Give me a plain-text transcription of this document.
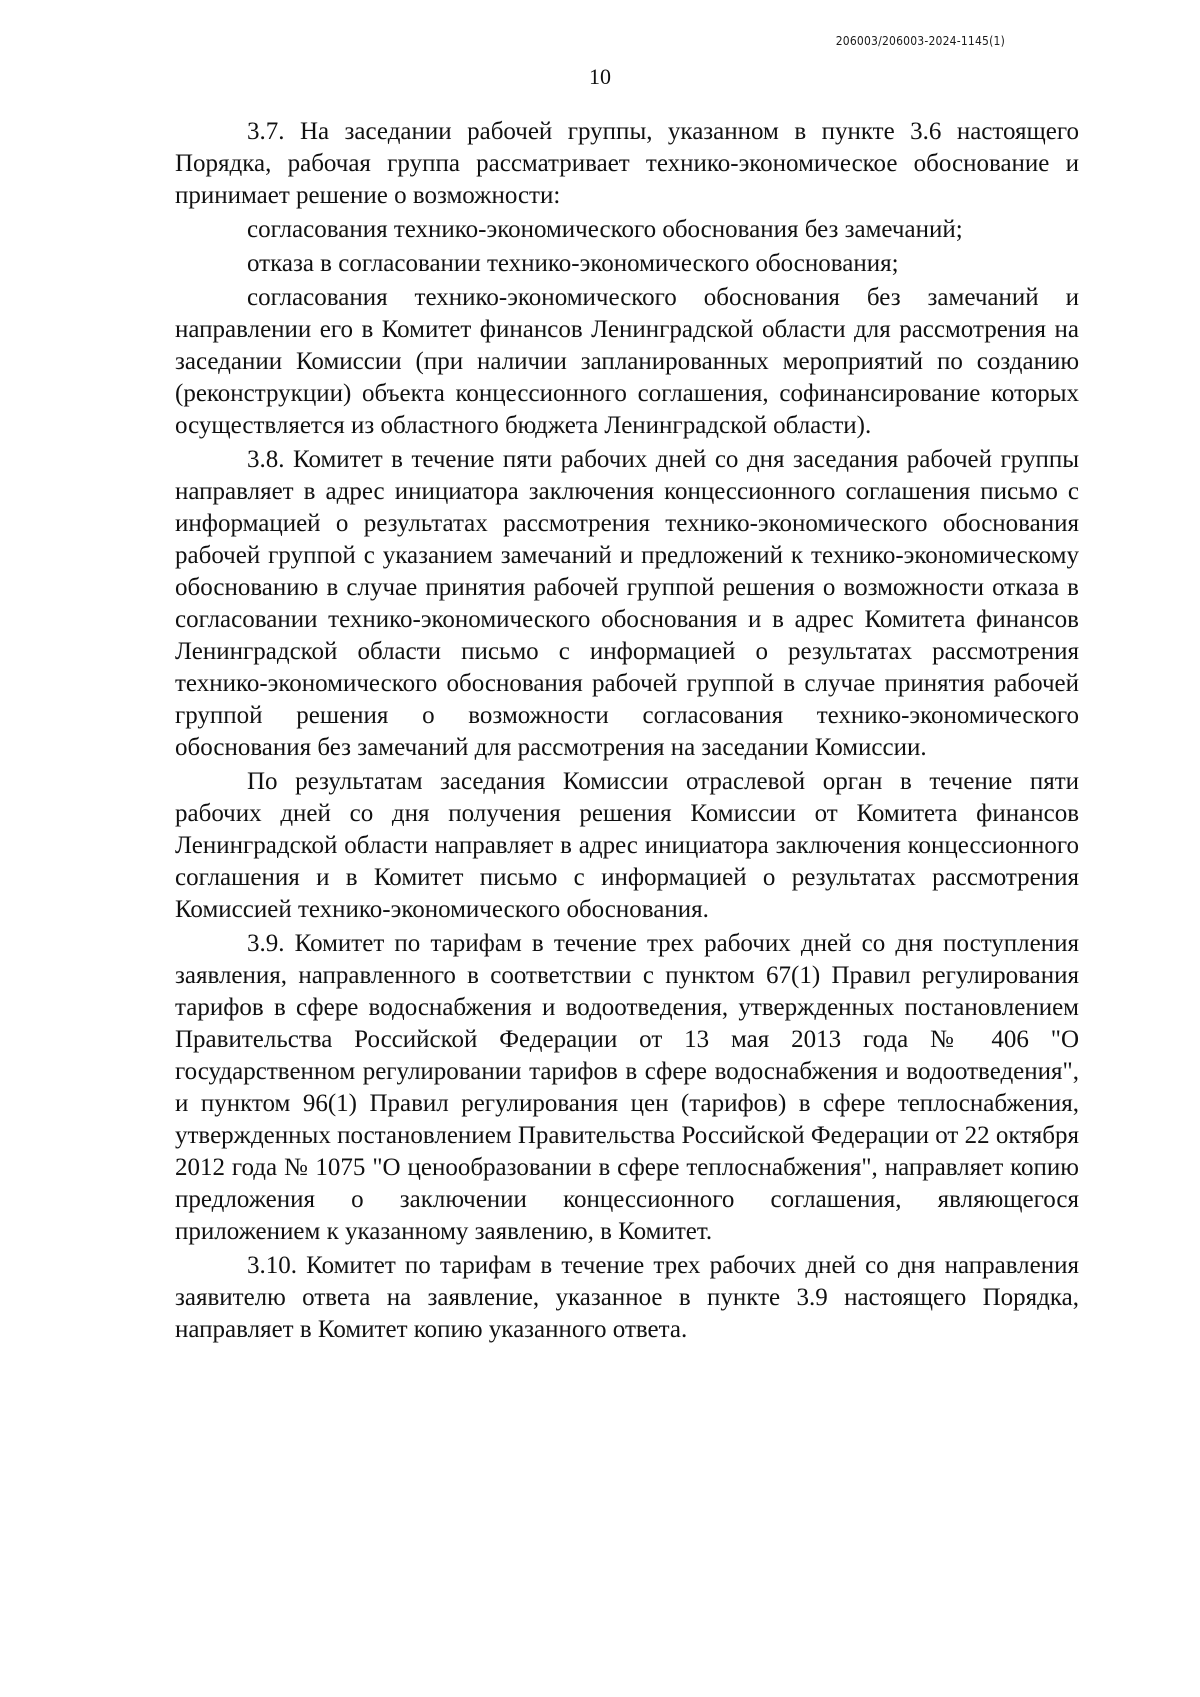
206003/206003-2024-1145(1)
10

3.7. На заседании рабочей группы, указанном в пункте 3.6 настоящего Порядка, рабочая группа рассматривает технико-экономическое обоснование и принимает решение о возможности:

согласования технико-экономического обоснования без замечаний;

отказа в согласовании технико-экономического обоснования;

согласования технико-экономического обоснования без замечаний и направлении его в Комитет финансов Ленинградской области для рассмотрения на заседании Комиссии (при наличии запланированных мероприятий по созданию (реконструкции) объекта концессионного соглашения, софинансирование которых осуществляется из областного бюджета Ленинградской области).

3.8. Комитет в течение пяти рабочих дней со дня заседания рабочей группы направляет в адрес инициатора заключения концессионного соглашения письмо с информацией о результатах рассмотрения технико-экономического обоснования рабочей группой с указанием замечаний и предложений к технико-экономическому обоснованию в случае принятия рабочей группой решения о возможности отказа в согласовании технико-экономического обоснования и в адрес Комитета финансов Ленинградской области письмо с информацией о результатах рассмотрения технико-экономического обоснования рабочей группой в случае принятия рабочей группой решения о возможности согласования технико-экономического обоснования без замечаний для рассмотрения на заседании Комиссии.

По результатам заседания Комиссии отраслевой орган в течение пяти рабочих дней со дня получения решения Комиссии от Комитета финансов Ленинградской области направляет в адрес инициатора заключения концессионного соглашения и в Комитет письмо с информацией о результатах рассмотрения Комиссией технико-экономического обоснования.

3.9. Комитет по тарифам в течение трех рабочих дней со дня поступления заявления, направленного в соответствии с пунктом 67(1) Правил регулирования тарифов в сфере водоснабжения и водоотведения, утвержденных постановлением Правительства Российской Федерации от 13 мая 2013 года № 406 "О государственном регулировании тарифов в сфере водоснабжения и водоотведения", и пунктом 96(1) Правил регулирования цен (тарифов) в сфере теплоснабжения, утвержденных постановлением Правительства Российской Федерации от 22 октября 2012 года № 1075 "О ценообразовании в сфере теплоснабжения", направляет копию предложения о заключении концессионного соглашения, являющегося приложением к указанному заявлению, в Комитет.

3.10. Комитет по тарифам в течение трех рабочих дней со дня направления заявителю ответа на заявление, указанное в пункте 3.9 настоящего Порядка, направляет в Комитет копию указанного ответа.
